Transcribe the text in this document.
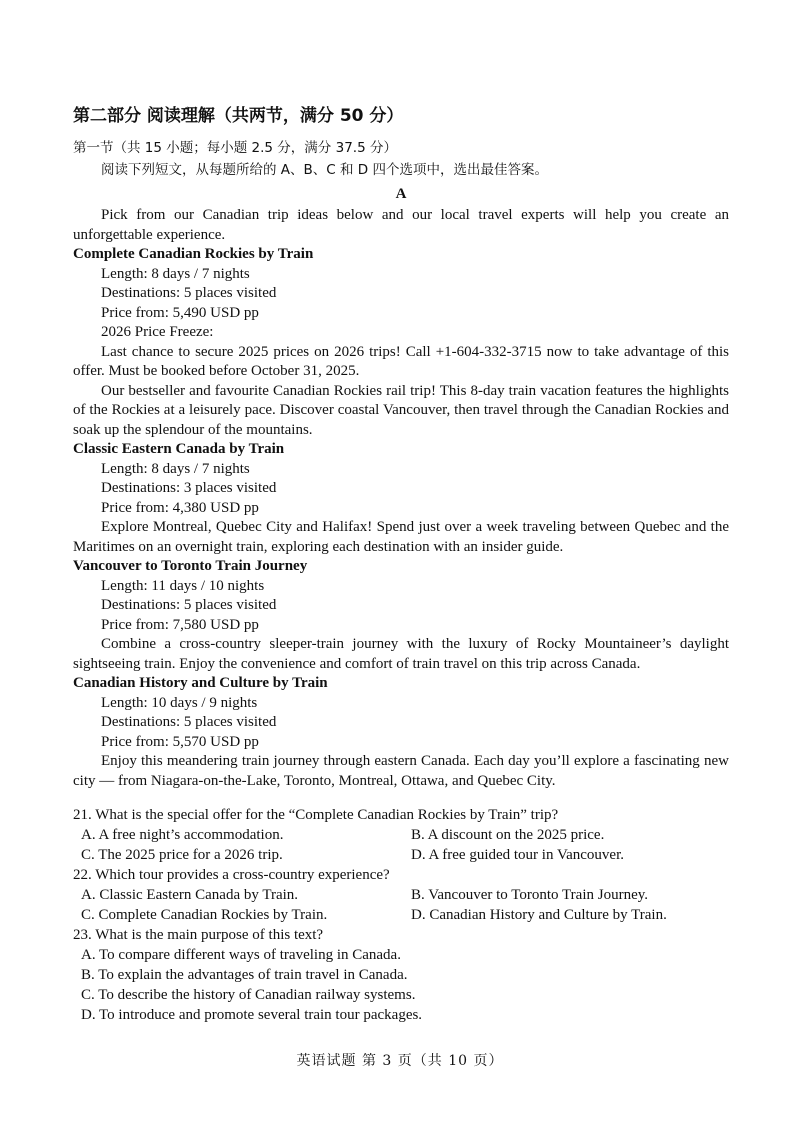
第二部分 阅读理解（共两节，满分 50 分）
第一节（共 15 小题；每小题 2.5 分，满分 37.5 分）
阅读下列短文，从每题所给的 A、B、C 和 D 四个选项中，选出最佳答案。
A

Pick from our Canadian trip ideas below and our local travel experts will help you create an unforgettable experience.

Complete Canadian Rockies by Train

Length: 8 days / 7 nights

Destinations: 5 places visited

Price from: 5,490 USD pp

2026 Price Freeze:

Last chance to secure 2025 prices on 2026 trips! Call +1-604-332-3715 now to take advantage of this offer. Must be booked before October 31, 2025.

Our bestseller and favourite Canadian Rockies rail trip! This 8-day train vacation features the highlights of the Rockies at a leisurely pace. Discover coastal Vancouver, then travel through the Canadian Rockies and soak up the splendour of the mountains.

Classic Eastern Canada by Train

Length: 8 days / 7 nights

Destinations: 3 places visited

Price from: 4,380 USD pp

Explore Montreal, Quebec City and Halifax! Spend just over a week traveling between Quebec and the Maritimes on an overnight train, exploring each destination with an insider guide.

Vancouver to Toronto Train Journey

Length: 11 days / 10 nights

Destinations: 5 places visited

Price from: 7,580 USD pp

Combine a cross-country sleeper-train journey with the luxury of Rocky Mountaineer’s daylight sightseeing train. Enjoy the convenience and comfort of train travel on this trip across Canada.

Canadian History and Culture by Train

Length: 10 days / 9 nights

Destinations: 5 places visited

Price from: 5,570 USD pp

Enjoy this meandering train journey through eastern Canada. Each day you’ll explore a fascinating new city — from Niagara-on-the-Lake, Toronto, Montreal, Ottawa, and Quebec City.

21. What is the special offer for the “Complete Canadian Rockies by Train” trip?

A. A free night’s accommodation.	B. A discount on the 2025 price.
C. The 2025 price for a 2026 trip.	D. A free guided tour in Vancouver.

22. Which tour provides a cross-country experience?

A. Classic Eastern Canada by Train.	B. Vancouver to Toronto Train Journey.
C. Complete Canadian Rockies by Train.	D. Canadian History and Culture by Train.

23. What is the main purpose of this text?

A. To compare different ways of traveling in Canada.

B. To explain the advantages of train travel in Canada.

C. To describe the history of Canadian railway systems.

D. To introduce and promote several train tour packages.

英语试题 第 3 页（共 10 页）
